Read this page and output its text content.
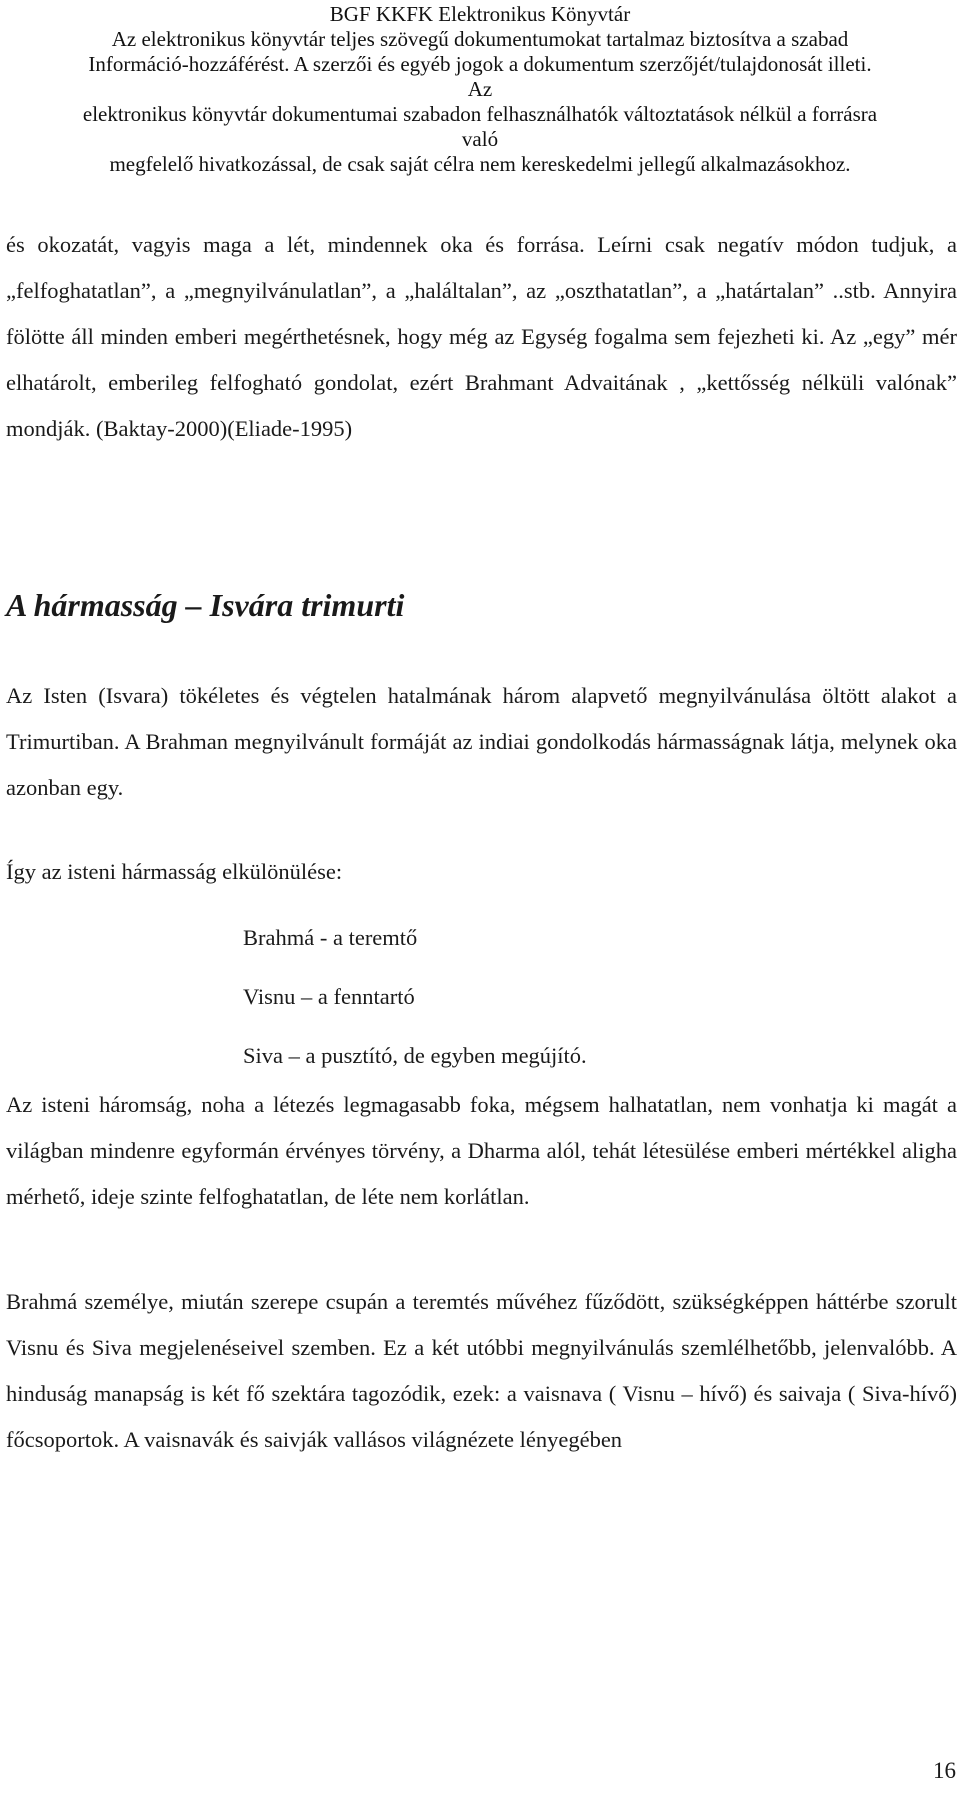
BGF KKFK Elektronikus Könyvtár
Az elektronikus könyvtár teljes szövegű dokumentumokat tartalmaz biztosítva a szabad
Információ-hozzáférést. A szerzői és egyéb jogok a dokumentum szerzőjét/tulajdonosát illeti.
Az
elektronikus könyvtár dokumentumai szabadon felhasználhatók változtatások nélkül a forrásra
való
megfelelő hivatkozással, de csak saját célra nem kereskedelmi jellegű alkalmazásokhoz.

és okozatát, vagyis maga a lét, mindennek oka és forrása. Leírni csak negatív módon tudjuk, a „felfoghatatlan”, a „megnyilvánulatlan”, a „haláltalan”, az „oszthatatlan”, a „határtalan” ..stb. Annyira fölötte áll minden emberi megérthetésnek, hogy még az Egység fogalma sem fejezheti ki. Az „egy” mér elhatárolt, emberileg felfogható gondolat, ezért Brahmant Advaitának , „kettősség nélküli valónak” mondják. (Baktay-2000)(Eliade-1995)

A hármasság – Isvára trimurti

Az Isten (Isvara) tökéletes és végtelen hatalmának három alapvető megnyilvánulása öltött alakot a Trimurtiban. A Brahman megnyilvánult formáját az indiai gondolkodás hármasságnak látja, melynek oka azonban egy.

Így az isteni hármasság elkülönülése:

Brahmá - a teremtő
Visnu – a fenntartó
Siva – a pusztító, de egyben megújító.

Az isteni háromság, noha a létezés legmagasabb foka, mégsem halhatatlan, nem vonhatja ki magát a világban mindenre egyformán érvényes törvény, a Dharma alól, tehát létesülése emberi mértékkel aligha mérhető, ideje szinte felfoghatatlan, de léte nem korlátlan.

Brahmá személye, miután szerepe csupán a teremtés művéhez fűződött, szükségképpen háttérbe szorult Visnu és Siva megjelenéseivel szemben. Ez a két utóbbi megnyilvánulás szemlélhetőbb, jelenvalóbb. A hinduság manapság is két fő szektára tagozódik, ezek: a vaisnava ( Visnu – hívő) és saivaja ( Siva-hívő) főcsoportok. A vaisnavák és saivják vallásos világnézete lényegében

16
